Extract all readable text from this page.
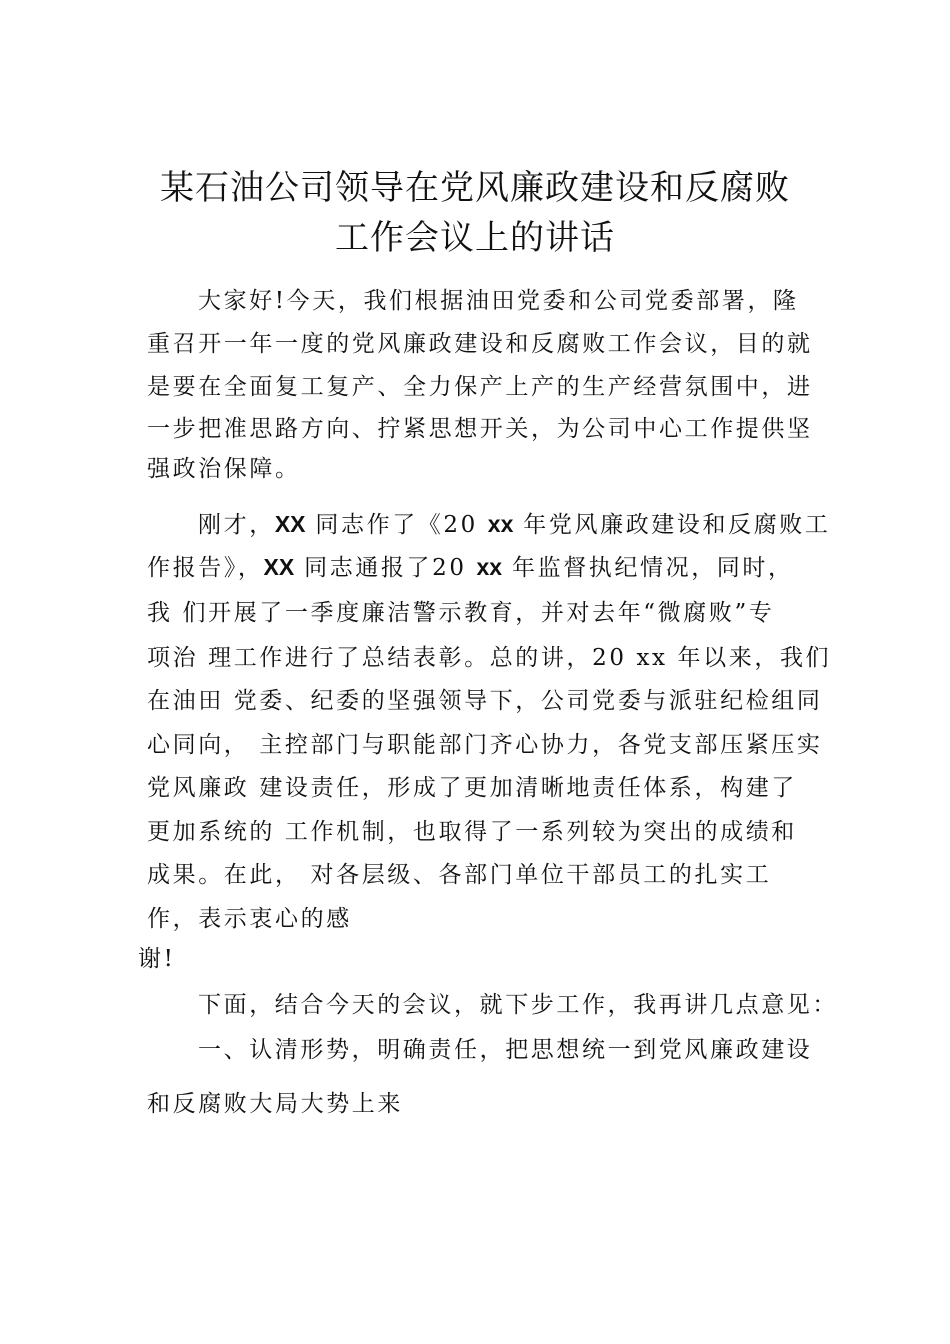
某石油公司领导在党风廉政建设和反腐败
工作会议上的讲话
大家好!今天，我们根据油田党委和公司党委部署，隆
重召开一年一度的党风廉政建设和反腐败工作会议，目的就
是要在全面复工复产、全力保产上产的生产经营氛围中，进
一步把准思路方向、拧紧思想开关，为公司中心工作提供坚
强政治保障。
刚才，XX 同志作了《20 xx 年党风廉政建设和反腐败工
作报告》，XX 同志通报了20 xx 年监督执纪情况，同时，
我 们开展了一季度廉洁警示教育，并对去年“微腐败”专
项治 理工作进行了总结表彰。总的讲，20 xx 年以来，我们
在油田 党委、纪委的坚强领导下，公司党委与派驻纪检组同
心同向， 主控部门与职能部门齐心协力，各党支部压紧压实
党风廉政 建设责任，形成了更加清晰地责任体系，构建了
更加系统的 工作机制，也取得了一系列较为突出的成绩和
成果。在此， 对各层级、各部门单位干部员工的扎实工
作，表示衷心的感
谢!
下面，结合今天的会议，就下步工作，我再讲几点意见：
一、认清形势，明确责任，把思想统一到党风廉政建设
和反腐败大局大势上来
